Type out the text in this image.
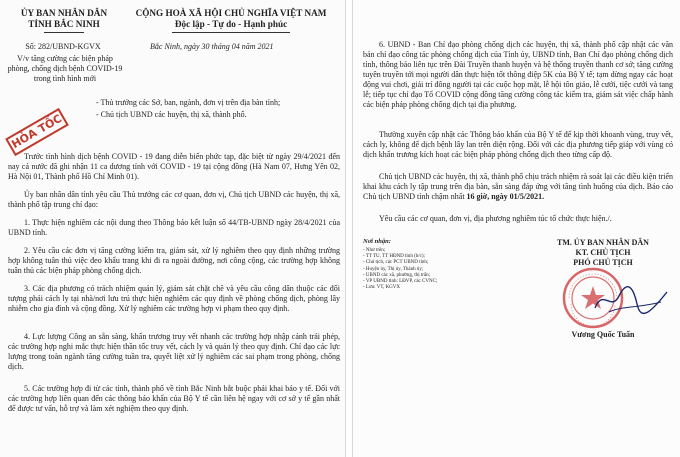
ỦY BAN NHÂN DÂN
TỈNH BẮC NINH
CỘNG HOÀ XÃ HỘI CHỦ NGHĨA VIỆT NAM
Độc lập - Tự do - Hạnh phúc
Số: 282/UBND-KGVX	Bắc Ninh, ngày 30 tháng 04 năm 2021
V/v tăng cường các biện pháp phòng, chống dịch bệnh COVID-19 trong tình hình mới
HỎA TỐC
- Thủ trưởng các Sở, ban, ngành, đơn vị trên địa bàn tỉnh;
- Chủ tịch UBND các huyện, thị xã, thành phố.
Trước tình hình dịch bệnh COVID - 19 đang diễn biến phức tạp, đặc biệt từ ngày 29/4/2021 đến nay cả nước đã ghi nhận 11 ca dương tính với COVID - 19 tại cộng đồng (Hà Nam 07, Hưng Yên 02, Hà Nội 01, Thành phố Hồ Chí Minh 01).
Ủy ban nhân dân tỉnh yêu cầu Thủ trưởng các cơ quan, đơn vị, Chủ tịch UBND các huyện, thị xã, thành phố tập trung chỉ đạo:
1. Thực hiện nghiêm các nội dung theo Thông báo kết luận số 44/TB-UBND ngày 28/4/2021 của UBND tỉnh.
2. Yêu cầu các đơn vị tăng cường kiểm tra, giám sát, xử lý nghiêm theo quy định những trường hợp không tuân thủ việc đeo khẩu trang khi đi ra ngoài đường, nơi công cộng, các trường hợp không tuân thủ các biện pháp phòng chống dịch.
3. Các địa phương có trách nhiệm quản lý, giám sát chặt chẽ và yêu cầu công dân thuộc các đối tượng phải cách ly tại nhà/nơi lưu trú thực hiện nghiêm các quy định về phòng chống dịch, phòng lây nhiễm cho gia đình và cộng đồng. Xử lý nghiêm các trường hợp vi phạm theo quy định.
4. Lực lượng Công an sẵn sàng, khẩn trương truy vết nhanh các trường hợp nhập cảnh trái phép, các trường hợp nghi mắc thực hiện thần tốc truy vết, cách ly và quản lý theo quy định. Chỉ đạo các lực lượng trong toàn ngành tăng cường tuần tra, quyết liệt xử lý nghiêm các sai phạm trong phòng, chống dịch.
5. Các trường hợp đi từ các tỉnh, thành phố về tỉnh Bắc Ninh bắt buộc phải khai báo y tế. Đối với các trường hợp liên quan đến các thông báo khẩn của Bộ Y tế cần liên hệ ngay với cơ sở y tế gần nhất để được tư vấn, hỗ trợ và làm xét nghiệm theo quy định.
6. UBND - Ban Chỉ đạo phòng chống dịch các huyện, thị xã, thành phố cập nhật các văn bản chỉ đạo công tác phòng chống dịch của Tỉnh ủy, UBND tỉnh, Ban Chỉ đạo phòng chống dịch tỉnh, thông báo liên tục trên Đài Truyền thanh huyện và hệ thống truyền thanh cơ sở; tăng cường tuyên truyền tới mọi người dân thực hiện tốt thông điệp 5K của Bộ Y tế; tạm dừng ngay các hoạt động vui chơi, giải trí đông người tại các cuộc họp mặt, lễ hội tôn giáo, lễ cưới, tiệc cưới và tang lễ; tiếp tục chỉ đạo Tổ COVID cộng đồng tăng cường công tác kiểm tra, giám sát việc chấp hành các biện pháp phòng chống dịch tại địa phương.
Thường xuyên cập nhật các Thông báo khẩn của Bộ Y tế để kịp thời khoanh vùng, truy vết, cách ly, không để dịch bệnh lây lan trên diện rộng. Đối với các địa phương tiếp giáp với vùng có dịch khẩn trương kích hoạt các biện pháp phòng chống dịch theo từng cấp độ.
Chủ tịch UBND các huyện, thị xã, thành phố chịu trách nhiệm rà soát lại các điều kiện triển khai khu cách ly tập trung trên địa bàn, sẵn sàng đáp ứng với tăng tình huống của dịch. Báo cáo Chủ tịch UBND tỉnh chậm nhất 16 giờ, ngày 01/5/2021.
Yêu cầu các cơ quan, đơn vị, địa phương nghiêm túc tổ chức thực hiện./.
Nơi nhận:
- Như trên;
- TT TU, TT HĐND tỉnh (b/c);
- Chủ tịch, các PCT UBND tỉnh;
- Huyện ủy, Thị ủy, Thành ủy;
- UBND các xã, phường, thị trấn;
- VP UBND tỉnh: LĐVP, các CVNC;
- Lưu: VT, KGVX
TM. ỦY BAN NHÂN DÂN
KT. CHỦ TỊCH
PHÓ CHỦ TỊCH
Vương Quốc Tuấn
